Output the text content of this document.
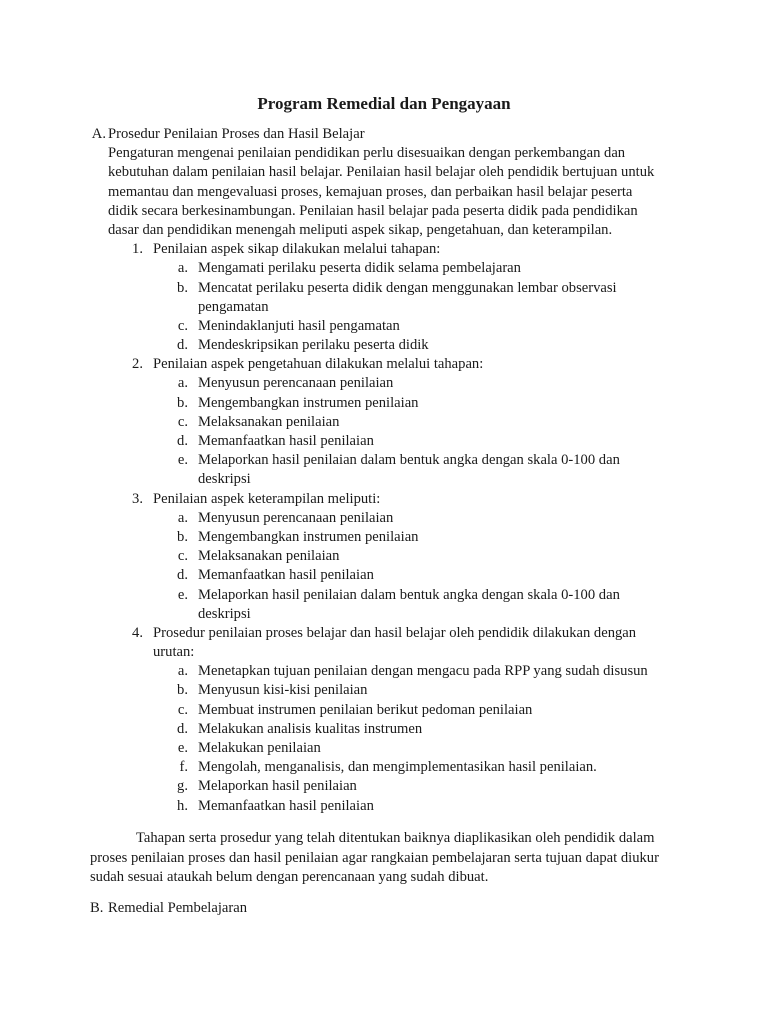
Program Remedial dan Pengayaan
A. Prosedur Penilaian Proses dan Hasil Belajar
Pengaturan mengenai penilaian pendidikan perlu disesuaikan dengan perkembangan dan
kebutuhan dalam penilaian hasil belajar. Penilaian hasil belajar oleh pendidik bertujuan untuk
memantau dan mengevaluasi proses, kemajuan proses, dan perbaikan hasil belajar peserta
didik secara berkesinambungan. Penilaian hasil belajar pada peserta didik pada pendidikan
dasar dan pendidikan menengah meliputi aspek sikap, pengetahuan, dan keterampilan.
1. Penilaian aspek sikap dilakukan melalui tahapan:
a. Mengamati perilaku peserta didik selama pembelajaran
b. Mencatat perilaku peserta didik dengan menggunakan lembar observasi
pengamatan
c. Menindaklanjuti hasil pengamatan
d. Mendeskripsikan perilaku peserta didik
2. Penilaian aspek pengetahuan dilakukan melalui tahapan:
a. Menyusun perencanaan penilaian
b. Mengembangkan instrumen penilaian
c. Melaksanakan penilaian
d. Memanfaatkan hasil penilaian
e. Melaporkan hasil penilaian dalam bentuk angka dengan skala 0-100 dan
deskripsi
3. Penilaian aspek keterampilan meliputi:
a. Menyusun perencanaan penilaian
b. Mengembangkan instrumen penilaian
c. Melaksanakan penilaian
d. Memanfaatkan hasil penilaian
e. Melaporkan hasil penilaian dalam bentuk angka dengan skala 0-100 dan
deskripsi
4. Prosedur penilaian proses belajar dan hasil belajar oleh pendidik dilakukan dengan
urutan:
a. Menetapkan tujuan penilaian dengan mengacu pada RPP yang sudah disusun
b. Menyusun kisi-kisi penilaian
c. Membuat instrumen penilaian berikut pedoman penilaian
d. Melakukan analisis kualitas instrumen
e. Melakukan penilaian
f. Mengolah, menganalisis, dan mengimplementasikan hasil penilaian.
g. Melaporkan hasil penilaian
h. Memanfaatkan hasil penilaian
Tahapan serta prosedur yang telah ditentukan baiknya diaplikasikan oleh pendidik dalam
proses penilaian proses dan hasil penilaian agar rangkaian pembelajaran serta tujuan dapat diukur
sudah sesuai ataukah belum dengan perencanaan yang sudah dibuat.
B. Remedial Pembelajaran
